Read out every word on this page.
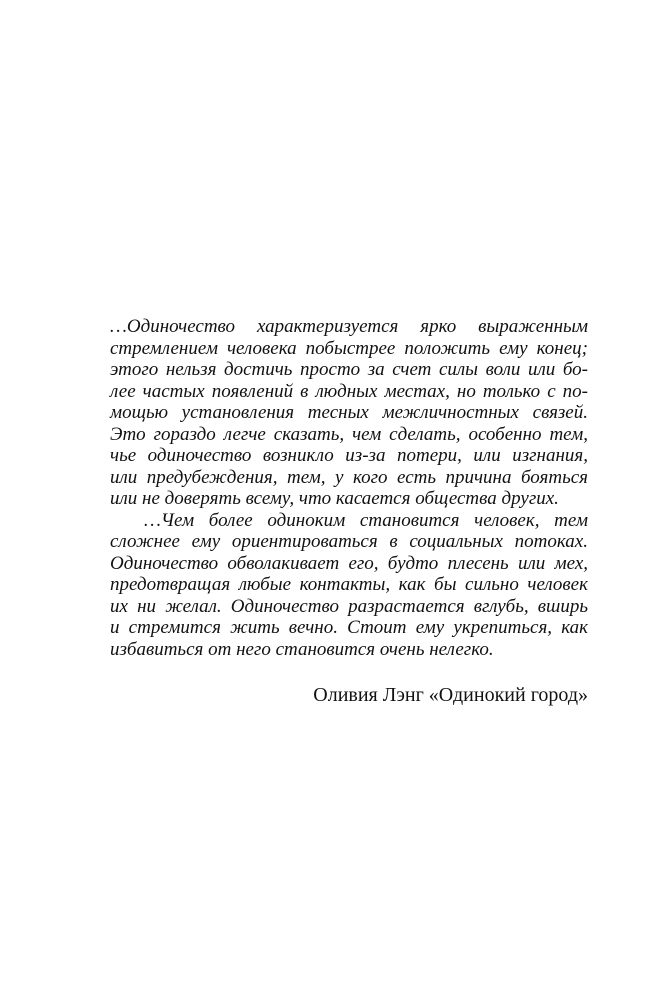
…Одиночество характеризуется ярко выраженным
стремлением человека побыстрее положить ему конец;
этого нельзя достичь просто за счет силы воли или бо-
лее частых появлений в людных местах, но только с по-
мощью установления тесных межличностных связей.
Это гораздо легче сказать, чем сделать, особенно тем,
чье одиночество возникло из-за потери, или изгнания,
или предубеждения, тем, у кого есть причина бояться
или не доверять всему, что касается общества других.

…Чем более одиноким становится человек, тем
сложнее ему ориентироваться в социальных потоках.
Одиночество обволакивает его, будто плесень или мех,
предотвращая любые контакты, как бы сильно человек
их ни желал. Одиночество разрастается вглубь, вширь
и стремится жить вечно. Стоит ему укрепиться, как
избавиться от него становится очень нелегко.

Оливия Лэнг «Одинокий город»
